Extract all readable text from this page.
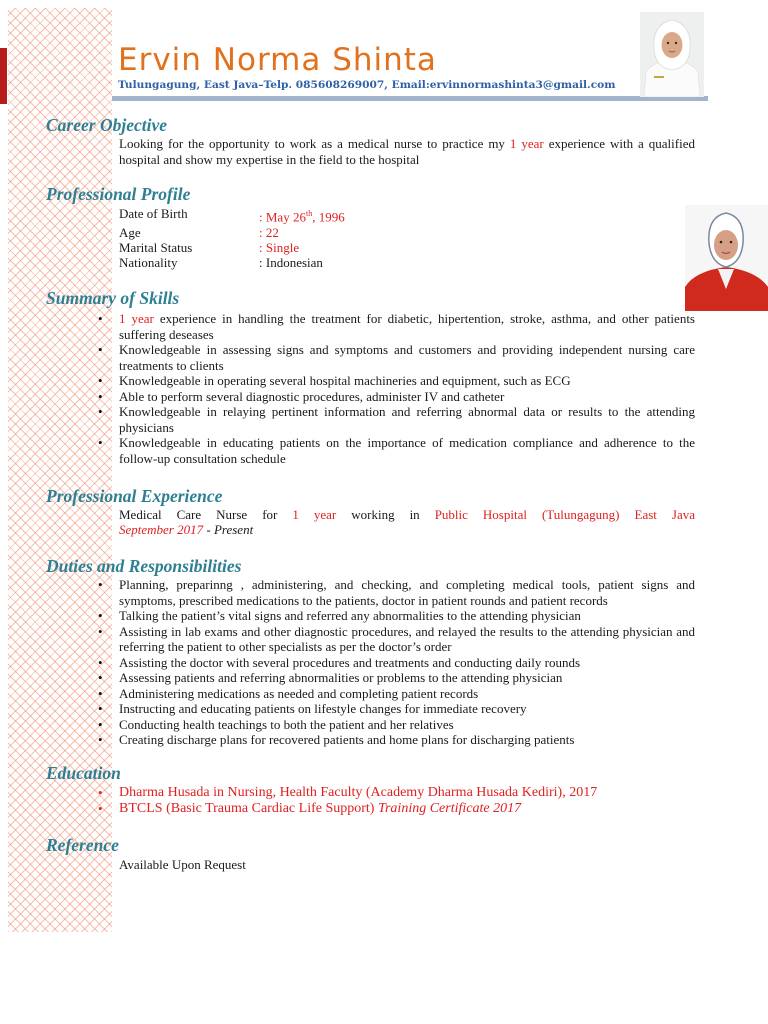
Ervin Norma Shinta
Tulungagung, East Java–Telp. 085608269007, Email:ervinnormashinta3@gmail.com
Career Objective
Looking for the opportunity to work as a medical nurse to practice my 1 year experience with a qualified hospital and show my expertise in the field to the hospital
Professional Profile
Date of Birth	: May 26th, 1996
Age	: 22
Marital Status	: Single
Nationality	: Indonesian
Summary of Skills
• 1 year experience in handling the treatment for diabetic, hipertention, stroke, asthma, and other patients suffering deseases
• Knowledgeable in assessing signs and symptoms and customers and providing independent nursing care treatments to clients
• Knowledgeable in operating several hospital machineries and equipment, such as ECG
• Able to perform several diagnostic procedures, administer IV and catheter
• Knowledgeable in relaying pertinent information and referring abnormal data or results to the attending physicians
• Knowledgeable in educating patients on the importance of medication compliance and adherence to the follow-up consultation schedule
Professional Experience
Medical Care Nurse for 1 year working in Public Hospital (Tulungagung) East Java
September 2017 - Present
Duties and Responsibilities
• Planning, preparinng , administering, and checking, and completing medical tools, patient signs and symptoms, prescribed medications to the patients, doctor in patient rounds and patient records
• Talking the patient’s vital signs and referred any abnormalities to the attending physician
• Assisting in lab exams and other diagnostic procedures, and relayed the results to the attending physician and referring the patient to other specialists as per the doctor’s order
• Assisting the doctor with several procedures and treatments and conducting daily rounds
• Assessing patients and referring abnormalities or problems to the attending physician
• Administering medications as needed and completing patient records
• Instructing and educating patients on lifestyle changes for immediate recovery
• Conducting health teachings to both the patient and her relatives
• Creating discharge plans for recovered patients and home plans for discharging patients
Education
• Dharma Husada in Nursing, Health Faculty (Academy Dharma Husada Kediri), 2017
• BTCLS (Basic Trauma Cardiac Life Support) Training Certificate 2017
Reference
Available Upon Request
